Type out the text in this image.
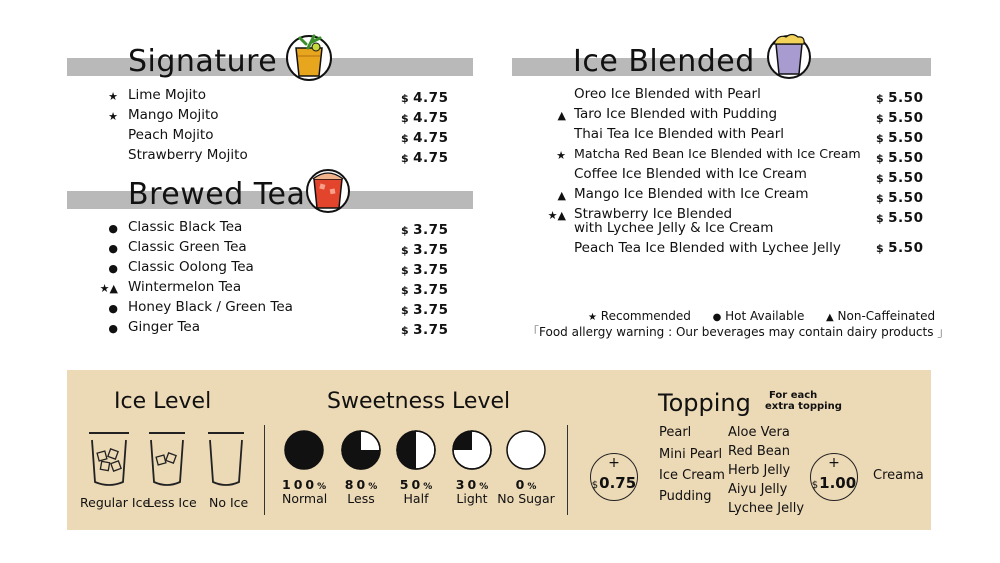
Signature
★ Lime Mojito	$ 4.75
★ Mango Mojito	$ 4.75
Peach Mojito	$ 4.75
Strawberry Mojito	$ 4.75
Brewed Tea
● Classic Black Tea	$ 3.75
● Classic Green Tea	$ 3.75
● Classic Oolong Tea	$ 3.75
★▲ Wintermelon Tea	$ 3.75
● Honey Black / Green Tea	$ 3.75
● Ginger Tea	$ 3.75
Ice Blended
Oreo Ice Blended with Pearl	$ 5.50
▲ Taro Ice Blended with Pudding	$ 5.50
Thai Tea Ice Blended with Pearl	$ 5.50
★ Matcha Red Bean Ice Blended with Ice Cream $ 5.50
Coffee Ice Blended with Ice Cream	$ 5.50
▲ Mango Ice Blended with Ice Cream	$ 5.50
★▲ Strawberry Ice Blended
with Lychee Jelly & Ice Cream
$ 5.50
Peach Tea Ice Blended with Lychee Jelly	$ 5.50
★ Recommended ● Hot Available ▲ Non-Caffeinated
「Food allergy warning : Our beverages may contain dairy products 」
Ice Level
Regular Ice
Less Ice No Ice
Sweetness Level
100%	80%	50%	30%	0%
Normal	Less	Half	Light No Sugar
Topping	For each
extra topping
+
$0.75
Pearl
Mini Pearl
Ice Cream
Pudding
Aloe Vera
Red Bean
Herb Jelly
Aiyu Jelly
Lychee Jelly
+
$1.00 Creama
